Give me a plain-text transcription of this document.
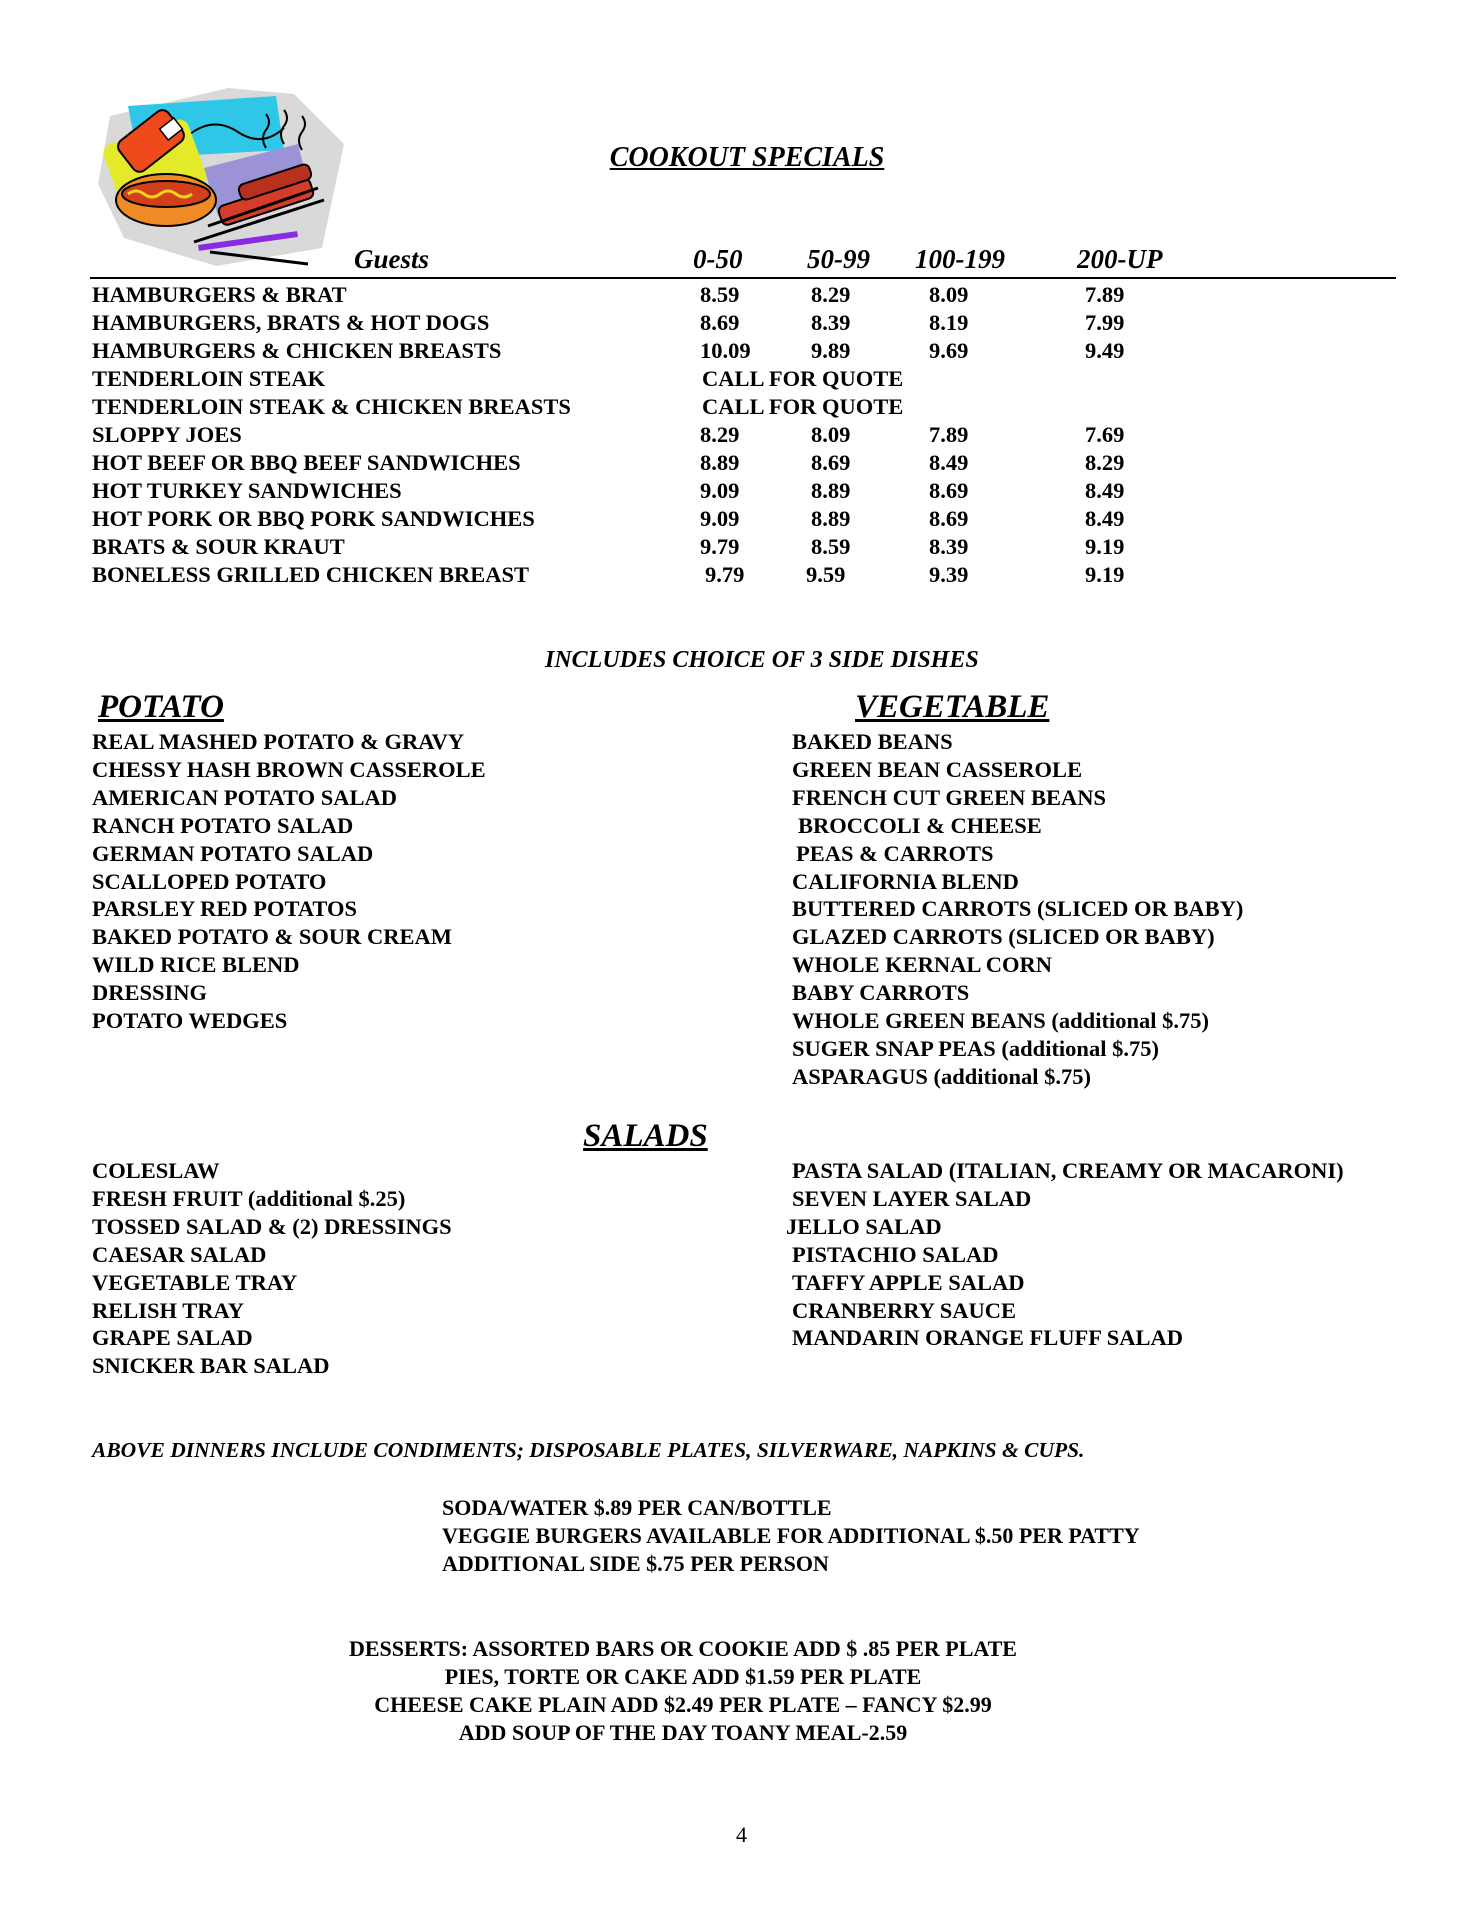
COOKOUT SPECIALS
Guests	0-50 50-99 100-199	200-UP
HAMBURGERS & BRAT	8.59	8.29	8.09	7.89
HAMBURGERS, BRATS & HOT DOGS	8.69	8.39	8.19	7.99
HAMBURGERS & CHICKEN BREASTS	10.09	9.89	9.69	9.49
TENDERLOIN STEAK	CALL FOR QUOTE
TENDERLOIN STEAK & CHICKEN BREASTS	CALL FOR QUOTE
SLOPPY JOES	8.29	8.09	7.89	7.69
HOT BEEF OR BBQ BEEF SANDWICHES	8.89	8.69	8.49	8.29
HOT TURKEY SANDWICHES	9.09	8.89	8.69	8.49
HOT PORK OR BBQ PORK SANDWICHES	9.09	8.89	8.69	8.49
BRATS & SOUR KRAUT	9.79	8.59	8.39	9.19
BONELESS GRILLED CHICKEN BREAST	9.79	9.59	9.39	9.19
INCLUDES CHOICE OF 3 SIDE DISHES
POTATO	VEGETABLE
REAL MASHED POTATO & GRAVY
CHESSY HASH BROWN CASSEROLE
AMERICAN POTATO SALAD
RANCH POTATO SALAD
GERMAN POTATO SALAD
SCALLOPED POTATO
PARSLEY RED POTATOS
BAKED POTATO & SOUR CREAM
WILD RICE BLEND
DRESSING
POTATO WEDGES
BAKED BEANS
GREEN BEAN CASSEROLE
FRENCH CUT GREEN BEANS
BROCCOLI & CHEESE
PEAS & CARROTS
CALIFORNIA BLEND
BUTTERED CARROTS (SLICED OR BABY)
GLAZED CARROTS (SLICED OR BABY)
WHOLE KERNAL CORN
BABY CARROTS
WHOLE GREEN BEANS (additional $.75)
SUGER SNAP PEAS (additional $.75)
ASPARAGUS (additional $.75)
SALADS
COLESLAW
FRESH FRUIT (additional $.25)
TOSSED SALAD & (2) DRESSINGS
CAESAR SALAD
VEGETABLE TRAY
RELISH TRAY
GRAPE SALAD
SNICKER BAR SALAD
PASTA SALAD (ITALIAN, CREAMY OR MACARONI)
SEVEN LAYER SALAD
JELLO SALAD
PISTACHIO SALAD
TAFFY APPLE SALAD
CRANBERRY SAUCE
MANDARIN ORANGE FLUFF SALAD
ABOVE DINNERS INCLUDE CONDIMENTS; DISPOSABLE PLATES, SILVERWARE, NAPKINS & CUPS.
SODA/WATER $.89 PER CAN/BOTTLE
VEGGIE BURGERS AVAILABLE FOR ADDITIONAL $.50 PER PATTY
ADDITIONAL SIDE $.75 PER PERSON
DESSERTS: ASSORTED BARS OR COOKIE ADD $ .85 PER PLATE
PIES, TORTE OR CAKE ADD $1.59 PER PLATE
CHEESE CAKE PLAIN ADD $2.49 PER PLATE – FANCY $2.99
ADD SOUP OF THE DAY TOANY MEAL-2.59
4
